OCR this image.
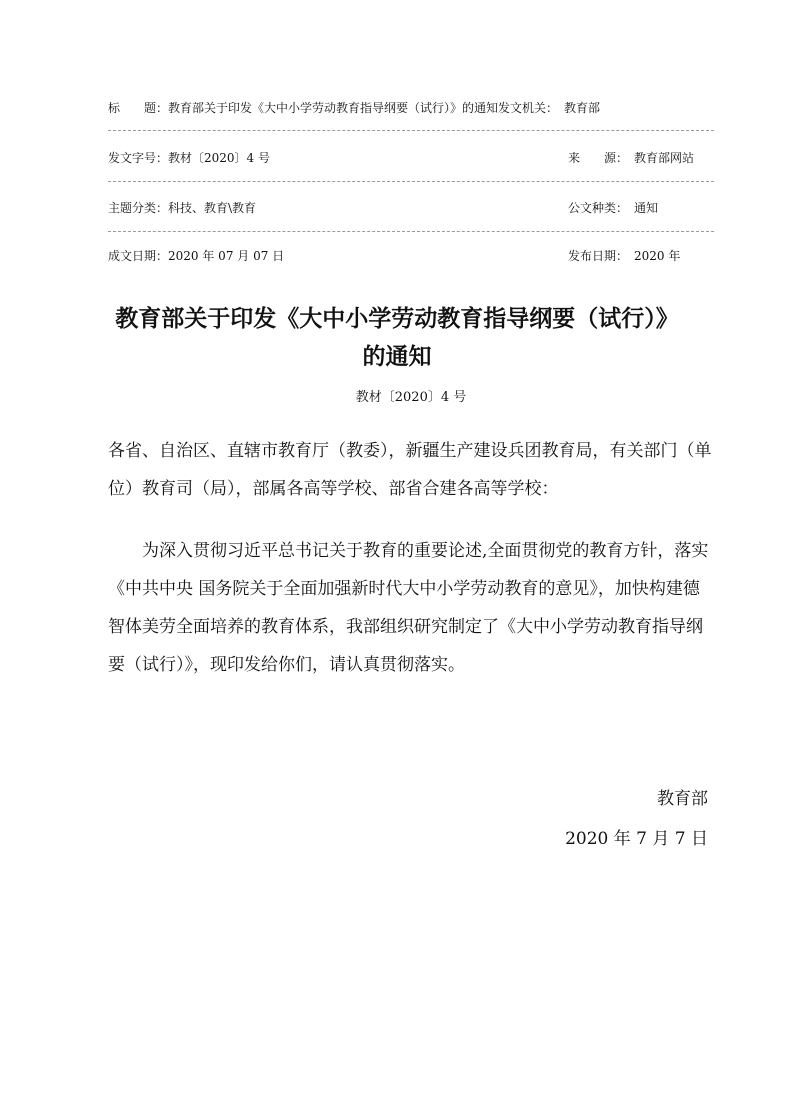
标　　题：教育部关于印发《大中小学劳动教育指导纲要（试行）》的通知发文机关： 教育部
发文字号：教材〔2020〕4 号	来　　源： 教育部网站
主题分类：科技、教育\教育	公文种类： 通知
成文日期：2020 年 07 月 07 日	发布日期： 2020 年
教育部关于印发《大中小学劳动教育指导纲要（试行）》
的通知
教材〔2020〕4 号

各省、自治区、直辖市教育厅（教委），新疆生产建设兵团教育局，有关部门（单位）教育司（局），部属各高等学校、部省合建各高等学校：

为深入贯彻习近平总书记关于教育的重要论述,全面贯彻党的教育方针，落实《中共中央 国务院关于全面加强新时代大中小学劳动教育的意见》，加快构建德智体美劳全面培养的教育体系，我部组织研究制定了《大中小学劳动教育指导纲要（试行）》，现印发给你们，请认真贯彻落实。

教育部
2020 年 7 月 7 日
